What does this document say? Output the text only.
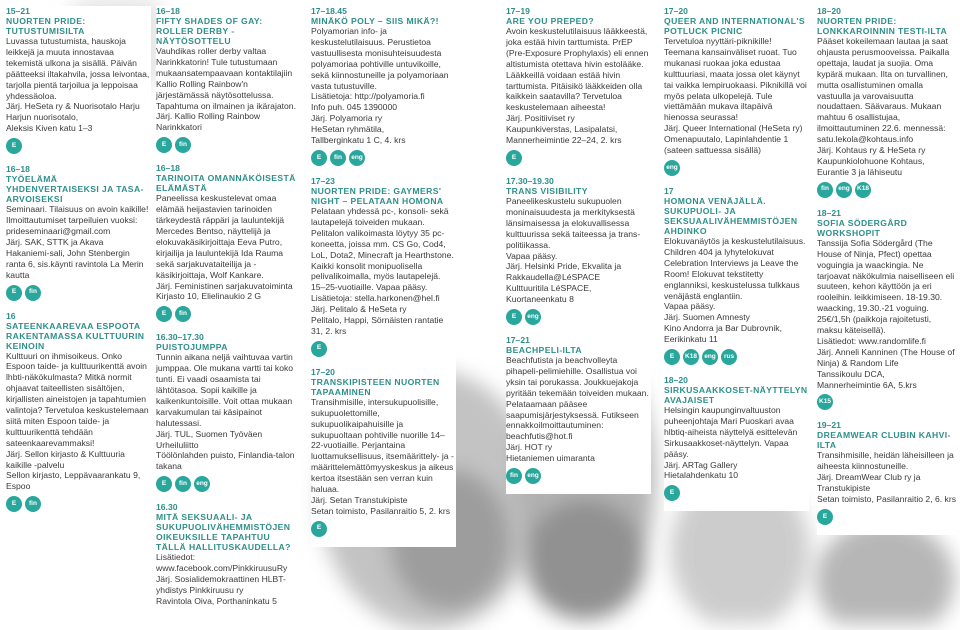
15–21
NUORTEN PRIDE: TUTUSTUMISILTA
Luvassa tutustumista, hauskoja leikkejä ja muuta innostavaa tekemistä ulkona ja sisällä. Päivän päätteeksi iltakahvila, jossa leivontaa, tarjolla pientä tarjoilua ja leppoisaa yhdessäoloa.
Järj. HeSeta ry & Nuorisotalo Harju
Harjun nuorisotalo,
Aleksis Kiven katu 1–3
E
16–18
TYÖELÄMÄ YHDENVERTAISEKSI JA TASA-ARVOISEKSI
Seminaari. Tilaisuus on avoin kaikille! Ilmoittautumiset tarpeiluien vuoksi: prideseminaari@gmail.com
Järj. SAK, STTK ja Akava
Hakaniemi-sali, John Stenbergin ranta 6, sis.käynti ravintola La Merin kautta
E	fin
16
SATEENKAAREVAA ESPOOTA RAKENTAMASSA KULTTUURIN KEINOIN
Kulttuuri on ihmisoikeus. Onko Espoon taide- ja kulttuurikenttä avoin lhbti-näkökulmasta? Mitkä normit ohjaavat taiteellisten sisältöjen, kirjallisten aineistojen ja tapahtumien valintoja? Tervetuloa keskustelemaan siitä miten Espoon taide- ja kulttuurikenttä tehdään sateenkaarevammaksi!
Järj. Sellon kirjasto & Kulttuuria kaikille -palvelu
Sellon kirjasto, Leppävaarankatu 9, Espoo
E	fin
16–18
FIFTY SHADES OF GAY: ROLLER DERBY -NÄYTÖSOTTELU
Vauhdikas roller derby valtaa Narinkkatorin! Tule tutustumaan mukaansatempaavaan kontaktilajiin Kallio Rolling Rainbow'n järjestämässä näytösottelussa. Tapahtuma on ilmainen ja ikärajaton.
Järj. Kallio Rolling Rainbow
Narinkkatori
E	fin
16–18
TARINOITA OMANNÄKÖISESTÄ ELÄMÄSTÄ
Paneelissa keskustelevat omaa elämää heijastavien tarinoiden tärkeydestä räppäri ja lauluntekijä Mercedes Bentso, näyttelijä ja elokuvakäsikirjoittaja Eeva Putro, kirjailija ja lauluntekijä Ida Rauma sekä sarjakuvataiteilija ja -käsikirjoittaja, Wolf Kankare.
Järj. Feministinen sarjakuvatoiminta
Kirjasto 10, Elielinaukio 2 G
E	fin
16.30–17.30
PUISTOJUMPPA
Tunnin aikana neljä vaihtuvaa vartin jumppaa. Ole mukana vartti tai koko tunti. Ei vaadi osaamista tai lähtötasoa. Sopii kaikille ja kaikenkuntoisille. Voit ottaa mukaan karvakumulan tai käsipainot halutessasi.
Järj. TUL, Suomen Työväen Urheiluliitto
Töölönlahden puisto, Finlandia-talon takana
E	fin	eng
16.30
MITÄ SEKSUAALI- JA SUKUPUOLIVÄHEMMISTÖJEN OIKEUKSILLE TAPAHTUU TÄLLÄ HALLITUSKAUDELLA?
Lisätiedot:
www.facebook.com/PinkkiruusuRy
Järj. Sosialidemokraattinen HLBT-yhdistys Pinkkiruusu ry
Ravintola Oiva, Porthaninkatu 5
17–18.45
MINÄKÖ POLY – SIIS MIKÄ?!
Polyamorian info- ja keskustelutilaisuus. Perustietoa vastuullisesta monisuhteisuudesta polyamoriaa pohtiville untuvikoille, sekä kiinnostuneille ja polyamoriaan vasta tutustuville.
Lisätietoja: http://polyamoria.fi
Info puh. 045 1390000
Järj. Polyamoria ry
HeSetan ryhmätila,
Tallberginkatu 1 C, 4. krs
E	fin	eng
17–23
NUORTEN PRIDE: GAYMERS' NIGHT – PELATAAN HOMONA
Pelataan yhdessä pc-, konsoli- sekä lautapelejä toiveiden mukaan. Pelitalon valikoimasta löytyy 35 pc-koneetta, joissa mm. CS Go, Cod4, LoL, Dota2, Minecraft ja Hearthstone. Kaikki konsolit monipuolisella pelivalikoimalla, myös lautapelejä.
15–25-vuotiaille. Vapaa pääsy.
Lisätietoja: stella.harkonen@hel.fi
Järj. Pelitalo & HeSeta ry
Pelitalo, Happi, Sörnäisten rantatie 31, 2. krs
E
17–20
TRANSKIPISTEEN NUORTEN TAPAAMINEN
Transihmisille, intersukupuolisille, sukupuolettomille, sukupuolikaipahuisille ja sukupuoltaan pohtiville nuorille 14–22-vuotiaille. Perjantaina luottamuksellisuus, itsemäärittely- ja -määrittelemättömyyskeskus ja aikeus kertoa itsestään sen verran kuin haluaa.
Järj. Setan Transtukipiste
Setan toimisto, Pasilanraitio 5, 2. krs
E
17–19
ARE YOU PREPED?
Avoin keskustelutilaisuus lääkkeestä, joka estää hivin tarttumista. PrEP (Pre-Exposure Prophylaxis) eli ennen altistumista otettava hivin estolääke. Lääkkeillä voidaan estää hivin tarttumista. Pitäisikö lääkkeiden olla kaikkein saatavilla? Tervetuloa keskustelemaan aiheesta!
Järj. Positiiviset ry
Kaupunkiverstas, Lasipalatsi,
Mannerheimintie 22–24, 2. krs
E
17.30–19.30
TRANS VISIBILITY
Paneelikeskustelu sukupuolen moninaisuudesta ja merkityksestä länsimaisessa ja elokuvallisessa kulttuurissa sekä taiteessa ja trans-politiikassa.
Vapaa pääsy.
Järj. Helsinki Pride, Ekvalita ja Rakkaudella@LéSPACE
Kulttuuritila LéSPACE, Kuortaneenkatu 8
E	eng
17–21
BEACHPELI-ILTA
Beachfutista ja beachvolleyta pihapeli-pelimiehille. Osallistua voi yksin tai porukassa. Joukkuejakoja pyritään tekemään toiveiden mukaan. Pelataamaan pääsee saapumisjärjestyksessä. Futikseen ennakkoilmoittautuminen: beachfutis@hot.fi
Järj. HOT ry
Hietaniemen uimaranta
fin	eng
17–20
QUEER AND INTERNATIONAL'S POTLUCK PICNIC
Tervetuloa nyyttäri-piknikille! Teemana kansainväliset ruoat. Tuo mukanasi ruokaa joka edustaa kulttuuriasi, maata jossa olet käynyt tai vaikka lempiruokaasi. Piknikillä voi myös pelata ulkopelejä. Tule viettämään mukava iltapäivä hienossa seurassa!
Järj. Queer International (HeSeta ry)
Omenapuutalo, Lapinlahdentie 1 (sateen sattuessa sisällä)
eng
17
HOMONA VENÄJÄLLÄ. SUKUPUOLI- JA SEKSUAALIVÄHEMMISTÖJEN AHDINKO
Elokuvanäytös ja keskustelutilaisuus. Children 404 ja lyhytelokuvat Celebration Interviews ja Leave the Room! Elokuvat tekstitetty englanniksi, keskustelussa tulkkaus venäjästä englantiin.
Vapaa pääsy.
Järj. Suomen Amnesty
Kino Andorra ja Bar Dubrovnik,
Eerikinkatu 11
E	K18	eng	rus
18–20
SIRKUSAAKKOSET-NÄYTTELYN AVAJAISET
Helsingin kaupunginvaltuuston puheenjohtaja Mari Puoskari avaa hlbtiq-aiheista näyttelyä esittelevän Sirkusaakkoset-näyttelyn. Vapaa pääsy.
Järj. ARTag Gallery
Hietalahdenkatu 10
E
18–20
NUORTEN PRIDE: LONKKAROINNIN TESTI-ILTA
Pääset kokeilemaan lautaa ja saat ohjausta perusmooveissa. Paikalla opettaja, laudat ja suojia. Oma kypärä mukaan. Ilta on turvallinen, mutta osallistuminen omalla vastuulla ja varovaisuutta noudattaen. Säävaraus. Mukaan mahtuu 6 osallistujaa, ilmoittautuminen 22.6. mennessä: satu.lekola@kohtaus.info
Järj. Kohtaus ry & HeSeta ry
Kaupunkiolohuone Kohtaus,
Eurantie 3 ja lähiseutu
fin	eng	K18
18–21
SOFIA SÖDERGÅRD WORKSHOPIT
Tanssija Sofia Södergård (The House of Ninja, Pfect) opettaa voguingia ja waackingia. Ne tarjoavat näkökulmia naiselliseen eli suuteen, kehon käyttöön ja eri rooleihin. leikkimiseen. 18-19.30. waacking, 19.30.-21 voguing. 25€/1,5h (paikkoja rajoitetusti, maksu käteisellä).
Lisätiedot: www.randomlife.fi
Järj. Anneli Kanninen (The House of Ninja) & Random Life
Tanssikoulu DCA,
Mannerheimintie 6A, 5.krs
K15
19–21
DREAMWEAR CLUBIN KAHVI-ILTA
Transihmisille, heidän läheisilleen ja aiheesta kiinnostuneille.
Järj. DreamWear Club ry ja Transtukipiste
Setan toimisto, Pasilanraitio 2, 6. krs
E
